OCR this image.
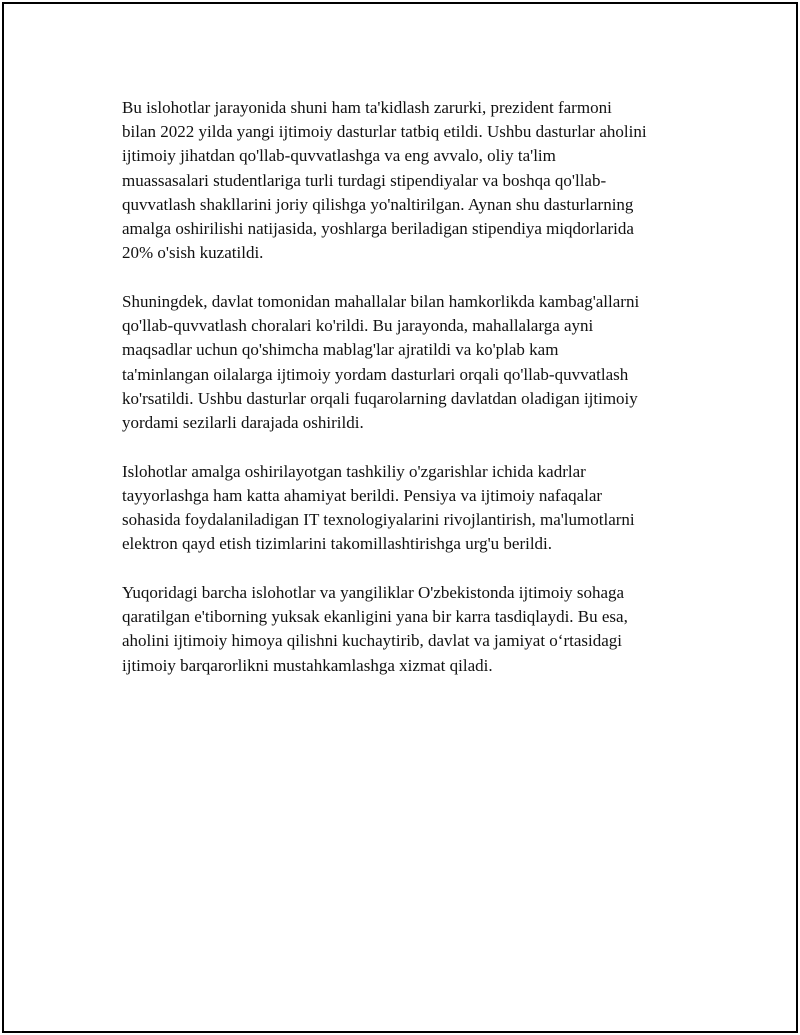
Bu islohotlar jarayonida shuni ham ta'kidlash zarurki, prezident farmoni
bilan 2022 yilda yangi ijtimoiy dasturlar tatbiq etildi. Ushbu dasturlar aholini
ijtimoiy jihatdan qo'llab-quvvatlashga va eng avvalo, oliy ta'lim
muassasalari studentlariga turli turdagi stipendiyalar va boshqa qo'llab-
quvvatlash shakllarini joriy qilishga yo'naltirilgan. Aynan shu dasturlarning
amalga oshirilishi natijasida, yoshlarga beriladigan stipendiya miqdorlarida
20% o'sish kuzatildi.

Shuningdek, davlat tomonidan mahallalar bilan hamkorlikda kambag'allarni
qo'llab-quvvatlash choralari ko'rildi. Bu jarayonda, mahallalarga ayni
maqsadlar uchun qo'shimcha mablag'lar ajratildi va ko'plab kam
ta'minlangan oilalarga ijtimoiy yordam dasturlari orqali qo'llab-quvvatlash
ko'rsatildi. Ushbu dasturlar orqali fuqarolarning davlatdan oladigan ijtimoiy
yordami sezilarli darajada oshirildi.

Islohotlar amalga oshirilayotgan tashkiliy o'zgarishlar ichida kadrlar
tayyorlashga ham katta ahamiyat berildi. Pensiya va ijtimoiy nafaqalar
sohasida foydalaniladigan IT texnologiyalarini rivojlantirish, ma'lumotlarni
elektron qayd etish tizimlarini takomillashtirishga urg'u berildi.

Yuqoridagi barcha islohotlar va yangiliklar O'zbekistonda ijtimoiy sohaga
qaratilgan e'tiborning yuksak ekanligini yana bir karra tasdiqlaydi. Bu esa,
aholini ijtimoiy himoya qilishni kuchaytirib, davlat va jamiyat o‘rtasidagi
ijtimoiy barqarorlikni mustahkamlashga xizmat qiladi.
